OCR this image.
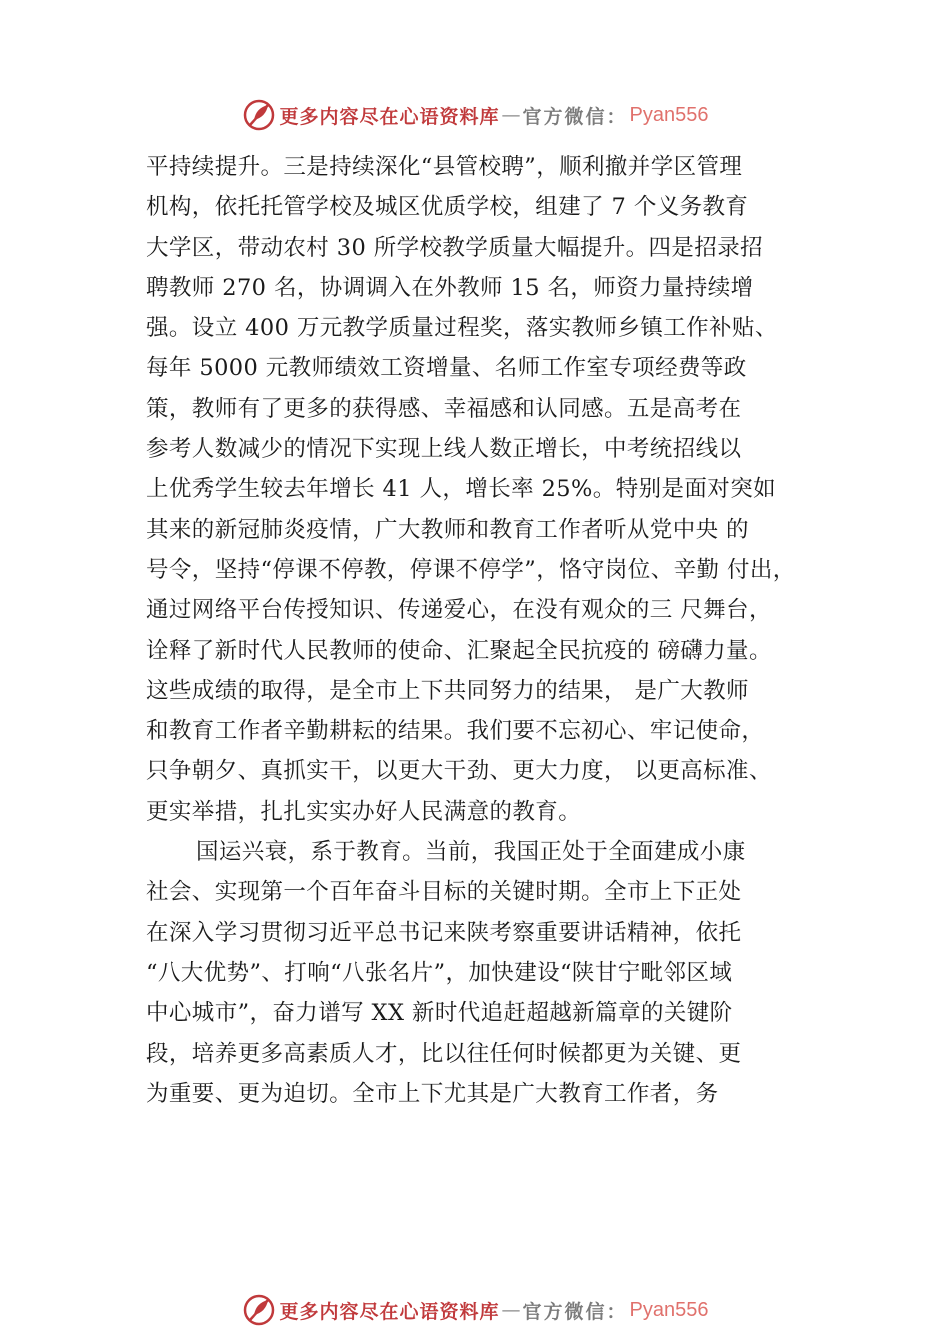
更多内容尽在心语资料库 — 官方微信： Pyan556
平持续提升。三是持续深化“县管校聘”，顺利撤并学区管理
机构，依托托管学校及城区优质学校，组建了 7 个义务教育
大学区，带动农村 30 所学校教学质量大幅提升。四是招录招
聘教师 270 名，协调调入在外教师 15 名，师资力量持续增
强。设立 400 万元教学质量过程奖，落实教师乡镇工作补贴、
每年 5000 元教师绩效工资增量、名师工作室专项经费等政
策，教师有了更多的获得感、幸福感和认同感。五是高考在
参考人数减少的情况下实现上线人数正增长，中考统招线以
上优秀学生较去年增长 41 人，增长率 25%。特别是面对突如
其来的新冠肺炎疫情，广大教师和教育工作者听从党中央 的
号令，坚持“停课不停教，停课不停学”，恪守岗位、辛勤 付出，
通过网络平台传授知识、传递爱心，在没有观众的三 尺舞台，
诠释了新时代人民教师的使命、汇聚起全民抗疫的 磅礴力量。
这些成绩的取得，是全市上下共同努力的结果， 是广大教师
和教育工作者辛勤耕耘的结果。我们要不忘初心、牢记使命，
只争朝夕、真抓实干，以更大干劲、更大力度， 以更高标准、
更实举措，扎扎实实办好人民满意的教育。
国运兴衰，系于教育。当前，我国正处于全面建成小康
社会、实现第一个百年奋斗目标的关键时期。全市上下正处
在深入学习贯彻习近平总书记来陕考察重要讲话精神，依托
“八大优势”、打响“八张名片”，加快建设“陕甘宁毗邻区域
中心城市”，奋力谱写 XX 新时代追赶超越新篇章的关键阶
段，培养更多高素质人才，比以往任何时候都更为关键、更
为重要、更为迫切。全市上下尤其是广大教育工作者，务
更多内容尽在心语资料库 — 官方微信： Pyan556
